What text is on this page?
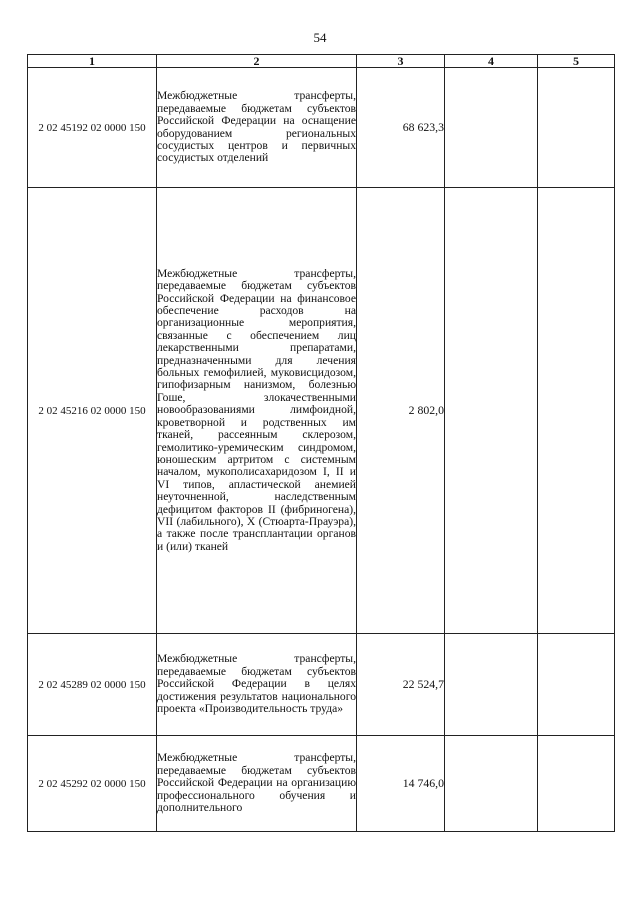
54
1	2	3	4	5
2 02 45192 02 0000 150	Межбюджетные трансферты, передаваемые бюджетам субъектов Российской Федерации на оснащение оборудованием региональных сосудистых центров и первичных сосудистых отделений	68 623,3		
2 02 45216 02 0000 150	Межбюджетные трансферты, передаваемые бюджетам субъектов Российской Федерации на финансовое обеспечение расходов на организационные мероприятия, связанные с обеспечением лиц лекарственными препаратами, предназначенными для лечения больных гемофилией, муковисцидозом, гипофизарным нанизмом, болезнью Гоше, злокачественными новообразованиями лимфоидной, кроветворной и родственных им тканей, рассеянным склерозом, гемолитико-уремическим синдромом, юношеским артритом с системным началом, мукополисахаридозом I, II и VI типов, апластической анемией неуточненной, наследственным дефицитом факторов II (фибриногена), VII (лабильного), X (Стюарта-Прауэра), а также после трансплантации органов и (или) тканей	2 802,0		
2 02 45289 02 0000 150	Межбюджетные трансферты, передаваемые бюджетам субъектов Российской Федерации в целях достижения результатов национального проекта «Производительность труда»	22 524,7		
2 02 45292 02 0000 150	Межбюджетные трансферты, передаваемые бюджетам субъектов Российской Федерации на организацию профессионального обучения и дополнительного	14 746,0		
